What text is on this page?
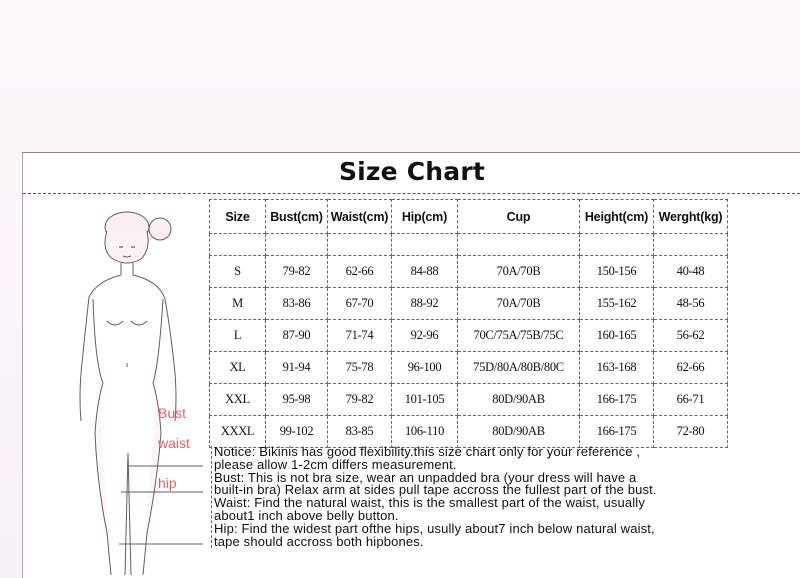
Size Chart
Bust
waist
hip
Size	Bust(cm)	Waist(cm)	Hip(cm)	Cup	Height(cm)	Werght(kg)

S	79-82	62-66	84-88	70A/70B	150-156	40-48
M	83-86	67-70	88-92	70A/70B	155-162	48-56
L	87-90	71-74	92-96	70C/75A/75B/75C	160-165	56-62
XL	91-94	75-78	96-100	75D/80A/80B/80C	163-168	62-66
XXL	95-98	79-82	101-105	80D/90AB	166-175	66-71
XXXL	99-102	83-85	106-110	80D/90AB	166-175	72-80

Notice: Bikinis has good flexibility.this size chart only for your reference ,

please allow 1-2cm differs measurement.

Bust: This is not bra size, wear an unpadded bra (your dress will have a

built-in bra) Relax arm at sides pull tape accross the fullest part of the bust.

Waist: Find the natural waist, this is the smallest part of the waist, usually

about1 inch above belly button.

Hip: Find the widest part ofthe hips, usully about7 inch below natural waist,

tape should accross both hipbones.
